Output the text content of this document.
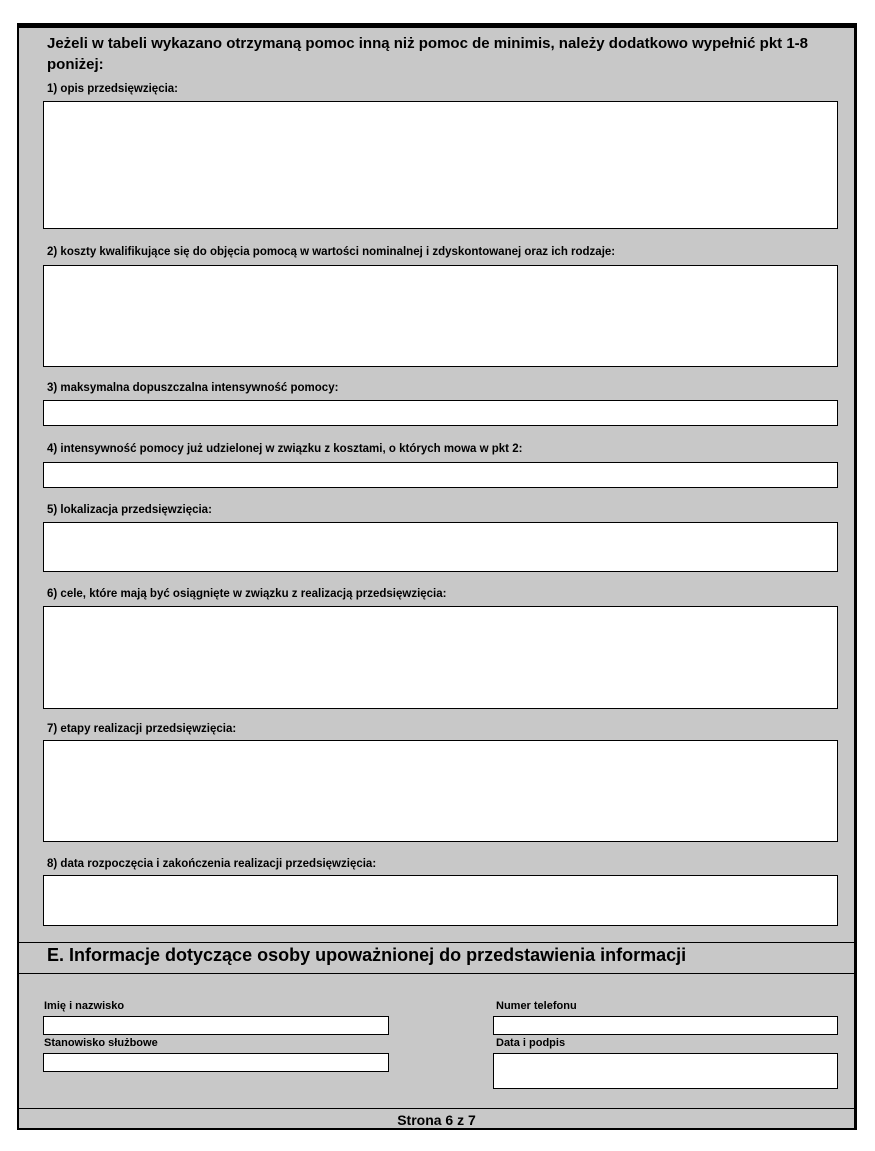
Jeżeli w tabeli wykazano otrzymaną pomoc inną niż pomoc de minimis, należy dodatkowo wypełnić pkt 1-8 poniżej:
1) opis przedsięwzięcia:
2) koszty kwalifikujące się do objęcia pomocą w wartości nominalnej i zdyskontowanej oraz ich rodzaje:
3) maksymalna dopuszczalna intensywność pomocy:
4) intensywność pomocy już udzielonej w związku z kosztami, o których mowa w pkt 2:
5) lokalizacja przedsięwzięcia:
6) cele, które mają być osiągnięte w związku z realizacją przedsięwzięcia:
7) etapy realizacji przedsięwzięcia:
8) data rozpoczęcia i zakończenia realizacji przedsięwzięcia:
E. Informacje dotyczące osoby upoważnionej do przedstawienia informacji
Imię i nazwisko	Numer telefonu
Stanowisko służbowe	Data i podpis
Strona 6 z 7
